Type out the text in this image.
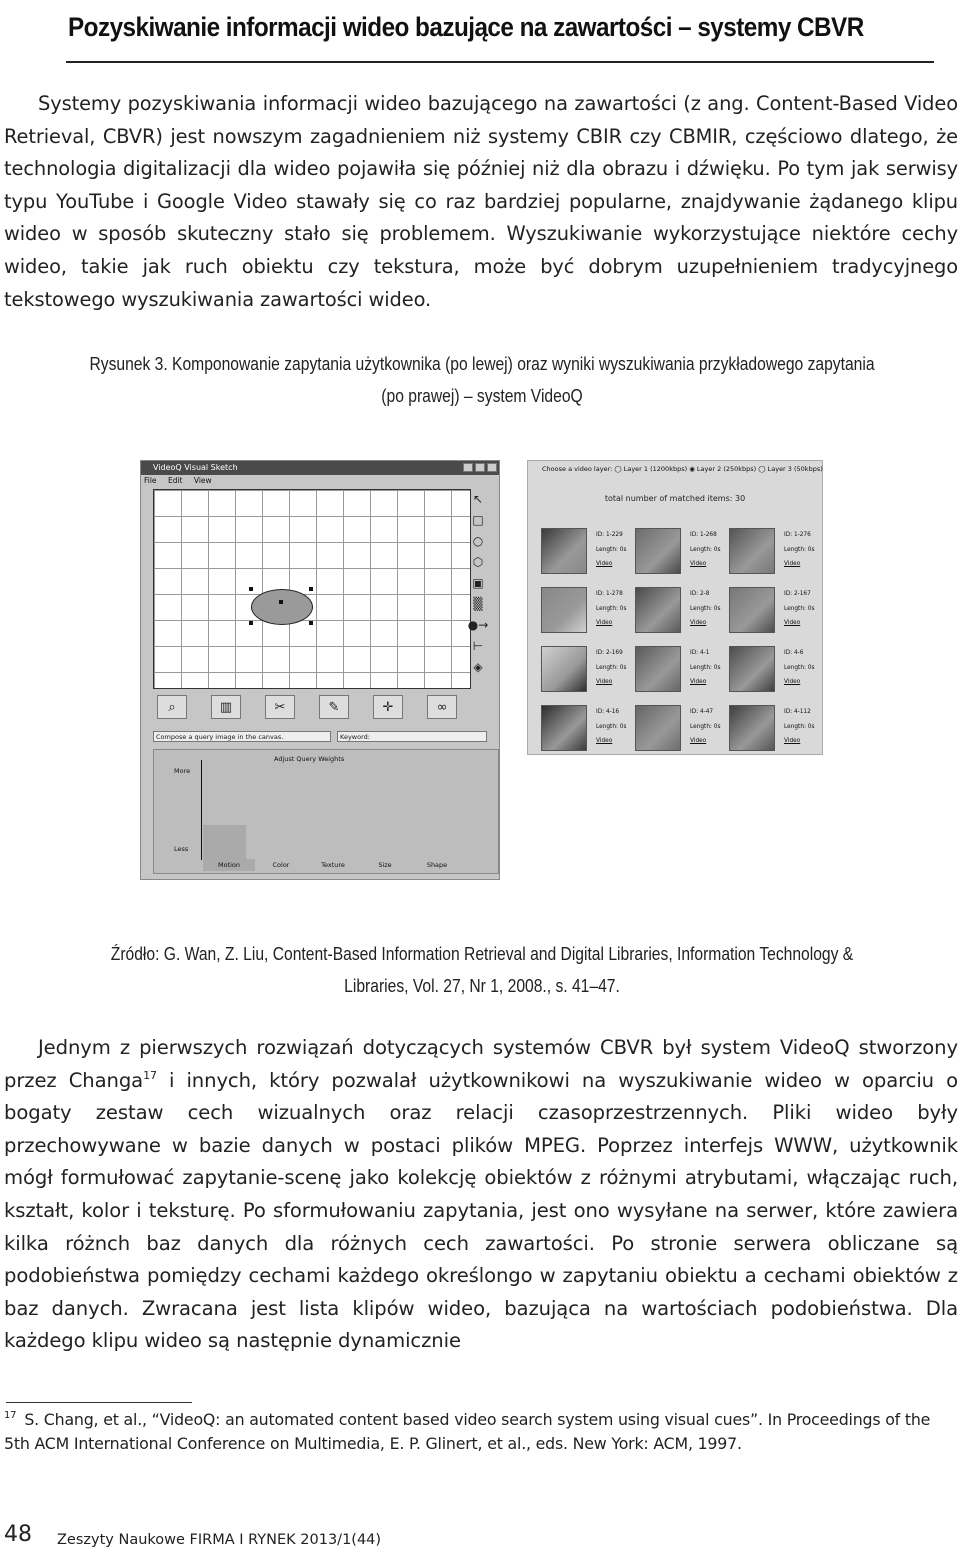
Pozyskiwanie informacji wideo bazujące na zawartości – systemy CBVR

Systemy pozyskiwania informacji wideo bazującego na zawartości (z ang. Content-Based Video Retrieval, CBVR) jest nowszym zagadnieniem niż systemy CBIR czy CBMIR, częściowo dlatego, że technologia digitalizacji dla wideo pojawiła się później niż dla obrazu i dźwięku. Po tym jak serwisy typu YouTube i Google Video stawały się co raz bardziej popularne, znajdywanie żądanego klipu wideo w sposób skuteczny stało się problemem. Wyszukiwanie wykorzystujące niektóre cechy wideo, takie jak ruch obiektu czy tekstura, może być dobrym uzupełnieniem tradycyjnego tekstowego wyszukiwania zawartości wideo.

Rysunek 3. Komponowanie zapytania użytkownika (po lewej) oraz wyniki wyszukiwania przykładowego zapytania (po prawej) – system VideoQ

VideoQ Visual Sketch
File Edit View
↖
□
○
⬡
▣
▒
●→
⊢
◈
⌕	▥	✂	✎	✛	∞
Compose a query image in the canvas.	Keyword:
Adjust Query Weights
More
Less
Motion	Color	Texture	Size	Shape
Choose a video layer: ◯ Layer 1 (1200kbps) ◉ Layer 2 (250kbps) ◯ Layer 3 (50kbps)
total number of matched items: 30
ID: 1-229
Length: 0s
Video
ID: 1-268
Length: 0s
Video
ID: 1-276
Length: 0s
Video
ID: 1-278
Length: 0s
Video
ID: 2-8
Length: 0s
Video
ID: 2-167
Length: 0s
Video
ID: 2-169
Length: 0s
Video
ID: 4-1
Length: 0s
Video
ID: 4-6
Length: 0s
Video
ID: 4-16
Length: 0s
Video
ID: 4-47
Length: 0s
Video
ID: 4-112
Length: 0s
Video

Źródło: G. Wan, Z. Liu, Content-Based Information Retrieval and Digital Libraries, Information Technology & Libraries, Vol. 27, Nr 1, 2008., s. 41–47.

Jednym z pierwszych rozwiązań dotyczących systemów CBVR był system VideoQ stworzony przez Changa$^{17}$ i innych, który pozwalał użytkownikowi na wyszukiwanie wideo w oparciu o bogaty zestaw cech wizualnych oraz relacji czasoprzestrzennych. Pliki wideo były przechowywane w bazie danych w postaci plików MPEG. Poprzez interfejs WWW, użytkownik mógł formułować zapytanie-scenę jako kolekcję obiektów z różnymi atrybutami, włączając ruch, kształt, kolor i teksturę. Po sformułowaniu zapytania, jest ono wysyłane na serwer, które zawiera kilka różnch baz danych dla różnych cech zawartości. Po stronie serwera obliczane są podobieństwa pomiędzy cechami każdego określongo w zapytaniu obiektu a cechami obiektów z baz danych. Zwracana jest lista klipów wideo, bazująca na wartościach podobieństwa. Dla każdego klipu wideo są następnie dynamicznie

$^{17}$ S. Chang, et al., “VideoQ: an automated content based video search system using visual cues”. In Proceedings of the 5th ACM International Conference on Multimedia, E. P. Glinert, et al., eds. New York: ACM, 1997.

48 Zeszyty Naukowe FIRMA I RYNEK 2013/1(44)
